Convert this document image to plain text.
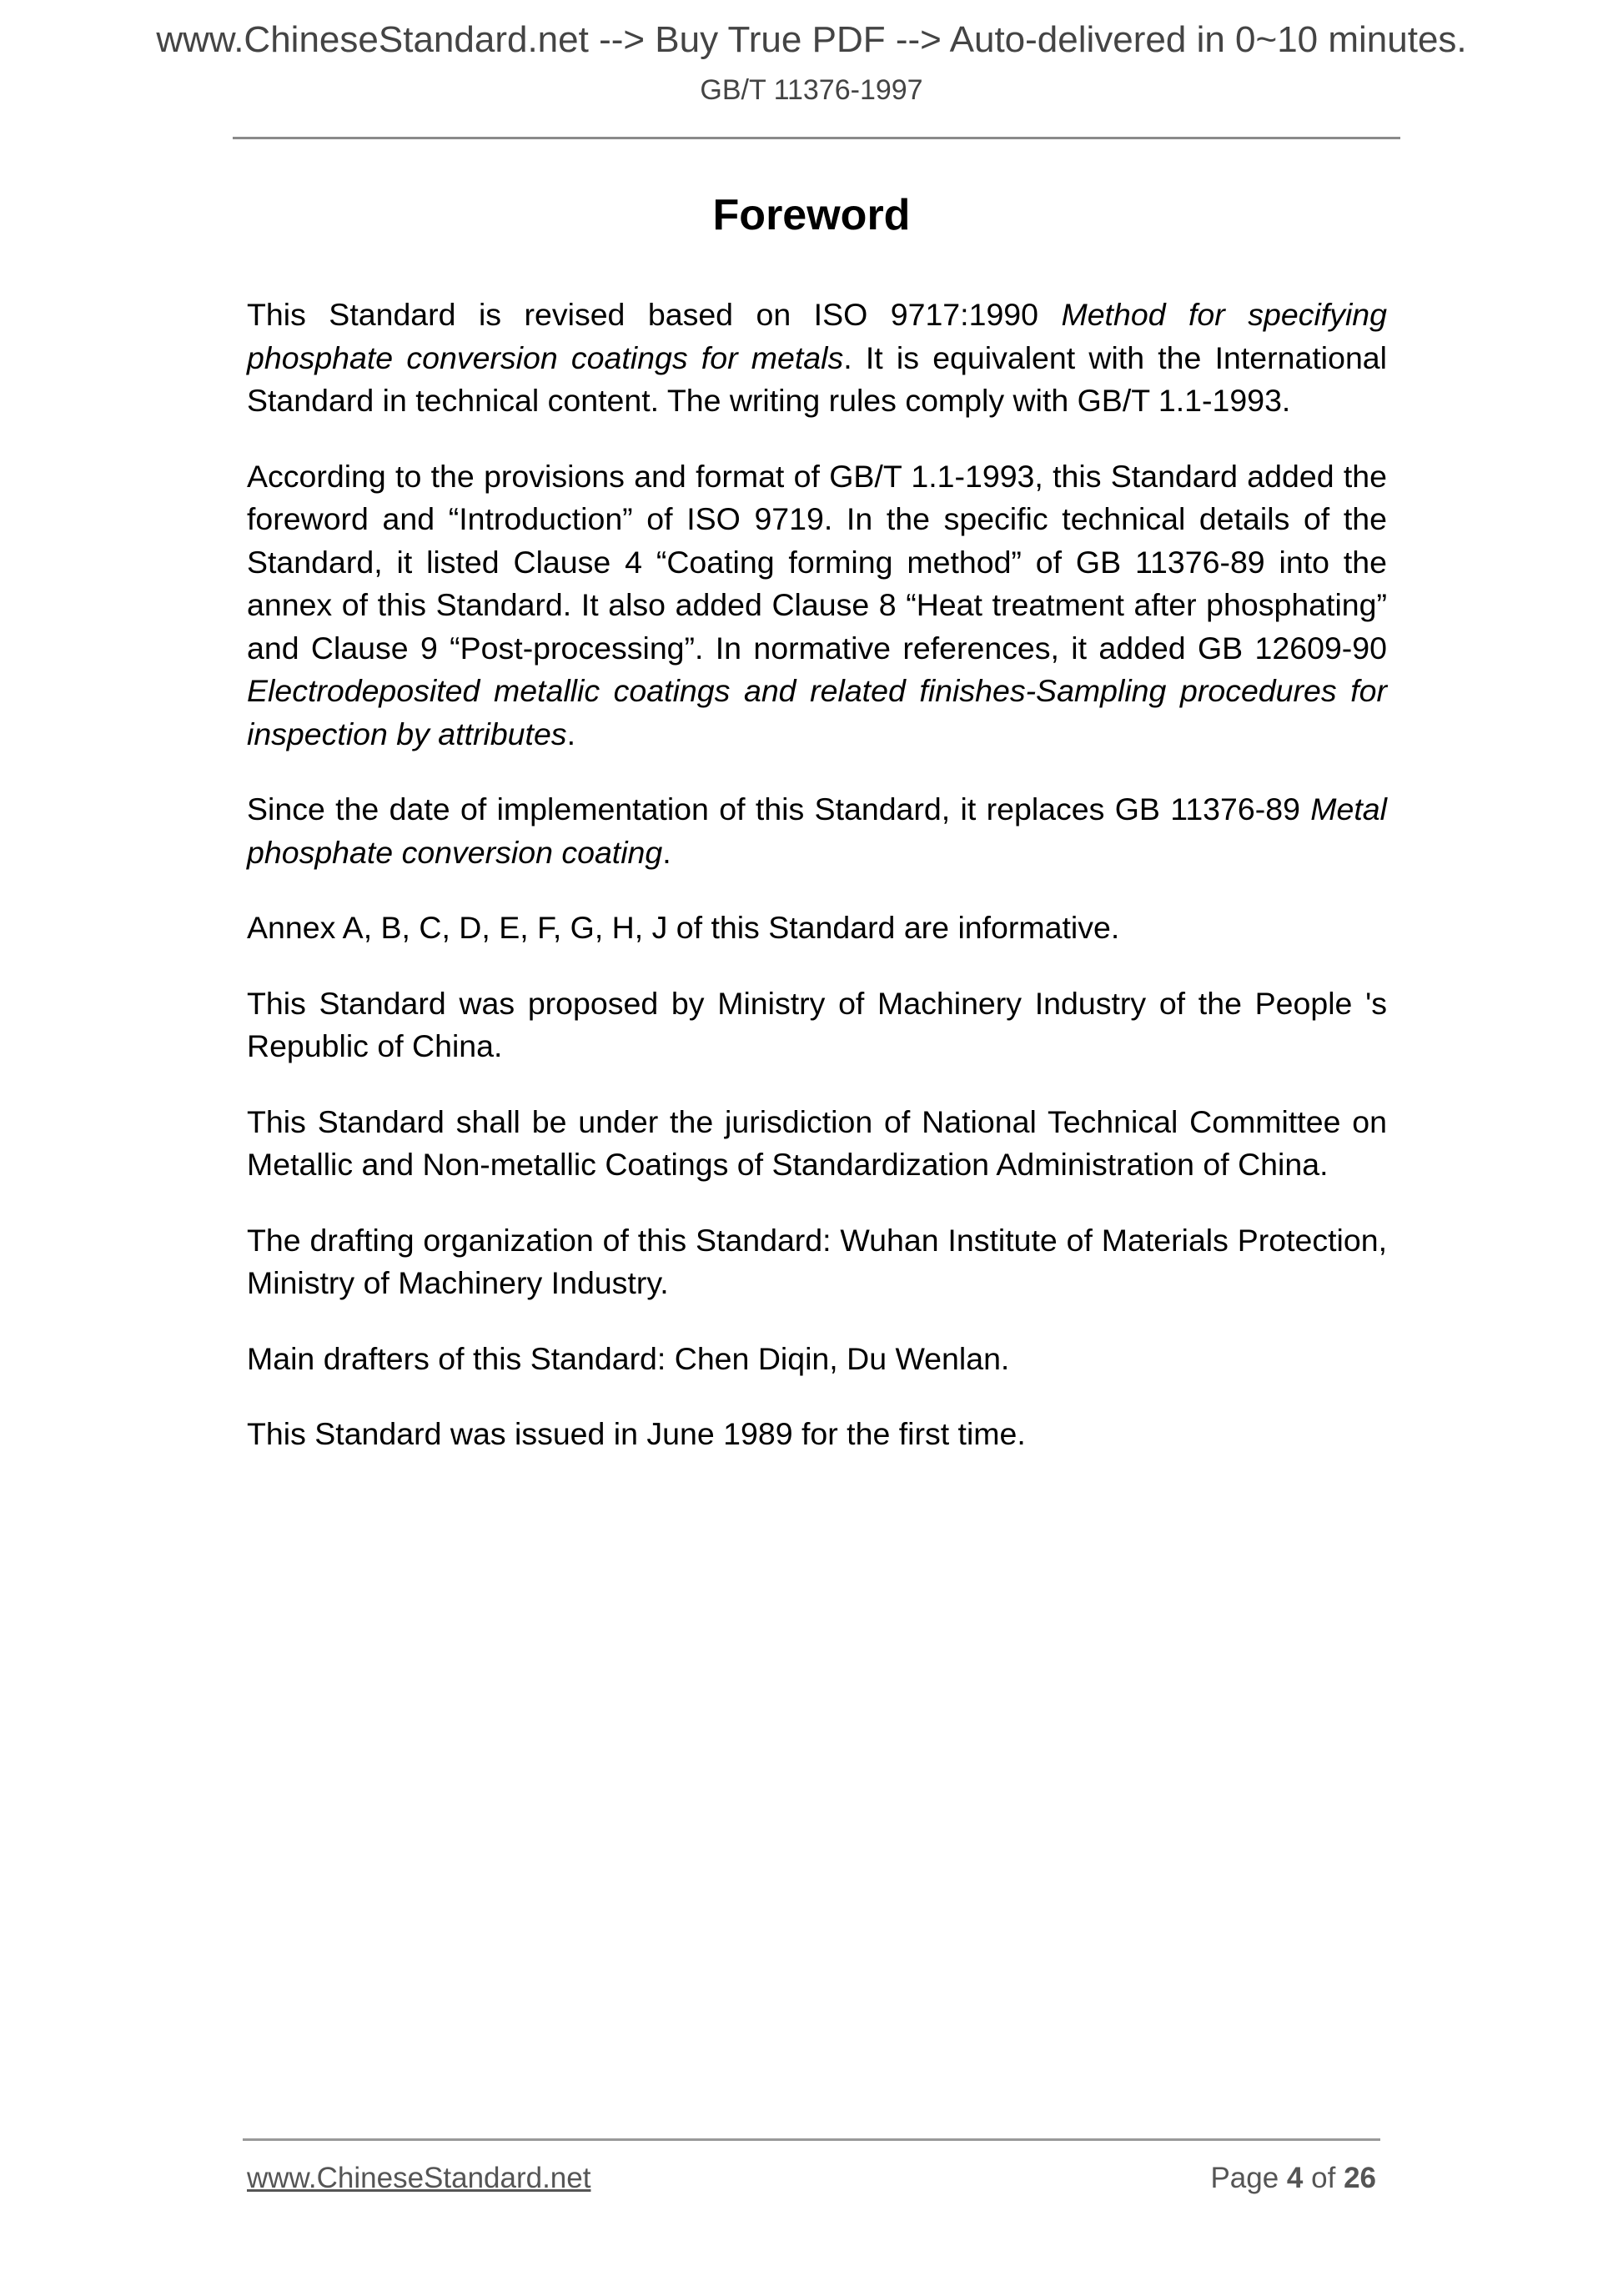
www.ChineseStandard.net --> Buy True PDF --> Auto-delivered in 0~10 minutes.
GB/T 11376-1997
Foreword

This Standard is revised based on ISO 9717:1990 Method for specifying phosphate conversion coatings for metals. It is equivalent with the International Standard in technical content. The writing rules comply with GB/T 1.1-1993.

According to the provisions and format of GB/T 1.1-1993, this Standard added the foreword and “Introduction” of ISO 9719. In the specific technical details of the Standard, it listed Clause 4 “Coating forming method” of GB 11376-89 into the annex of this Standard. It also added Clause 8 “Heat treatment after phosphating” and Clause 9 “Post-processing”. In normative references, it added GB 12609-90 Electrodeposited metallic coatings and related finishes-Sampling procedures for inspection by attributes.

Since the date of implementation of this Standard, it replaces GB 11376-89 Metal phosphate conversion coating.

Annex A, B, C, D, E, F, G, H, J of this Standard are informative.

This Standard was proposed by Ministry of Machinery Industry of the People 's Republic of China.

This Standard shall be under the jurisdiction of National Technical Committee on Metallic and Non-metallic Coatings of Standardization Administration of China.

The drafting organization of this Standard: Wuhan Institute of Materials Protection, Ministry of Machinery Industry.

Main drafters of this Standard: Chen Diqin, Du Wenlan.

This Standard was issued in June 1989 for the first time.

www.ChineseStandard.net	Page 4 of 26
